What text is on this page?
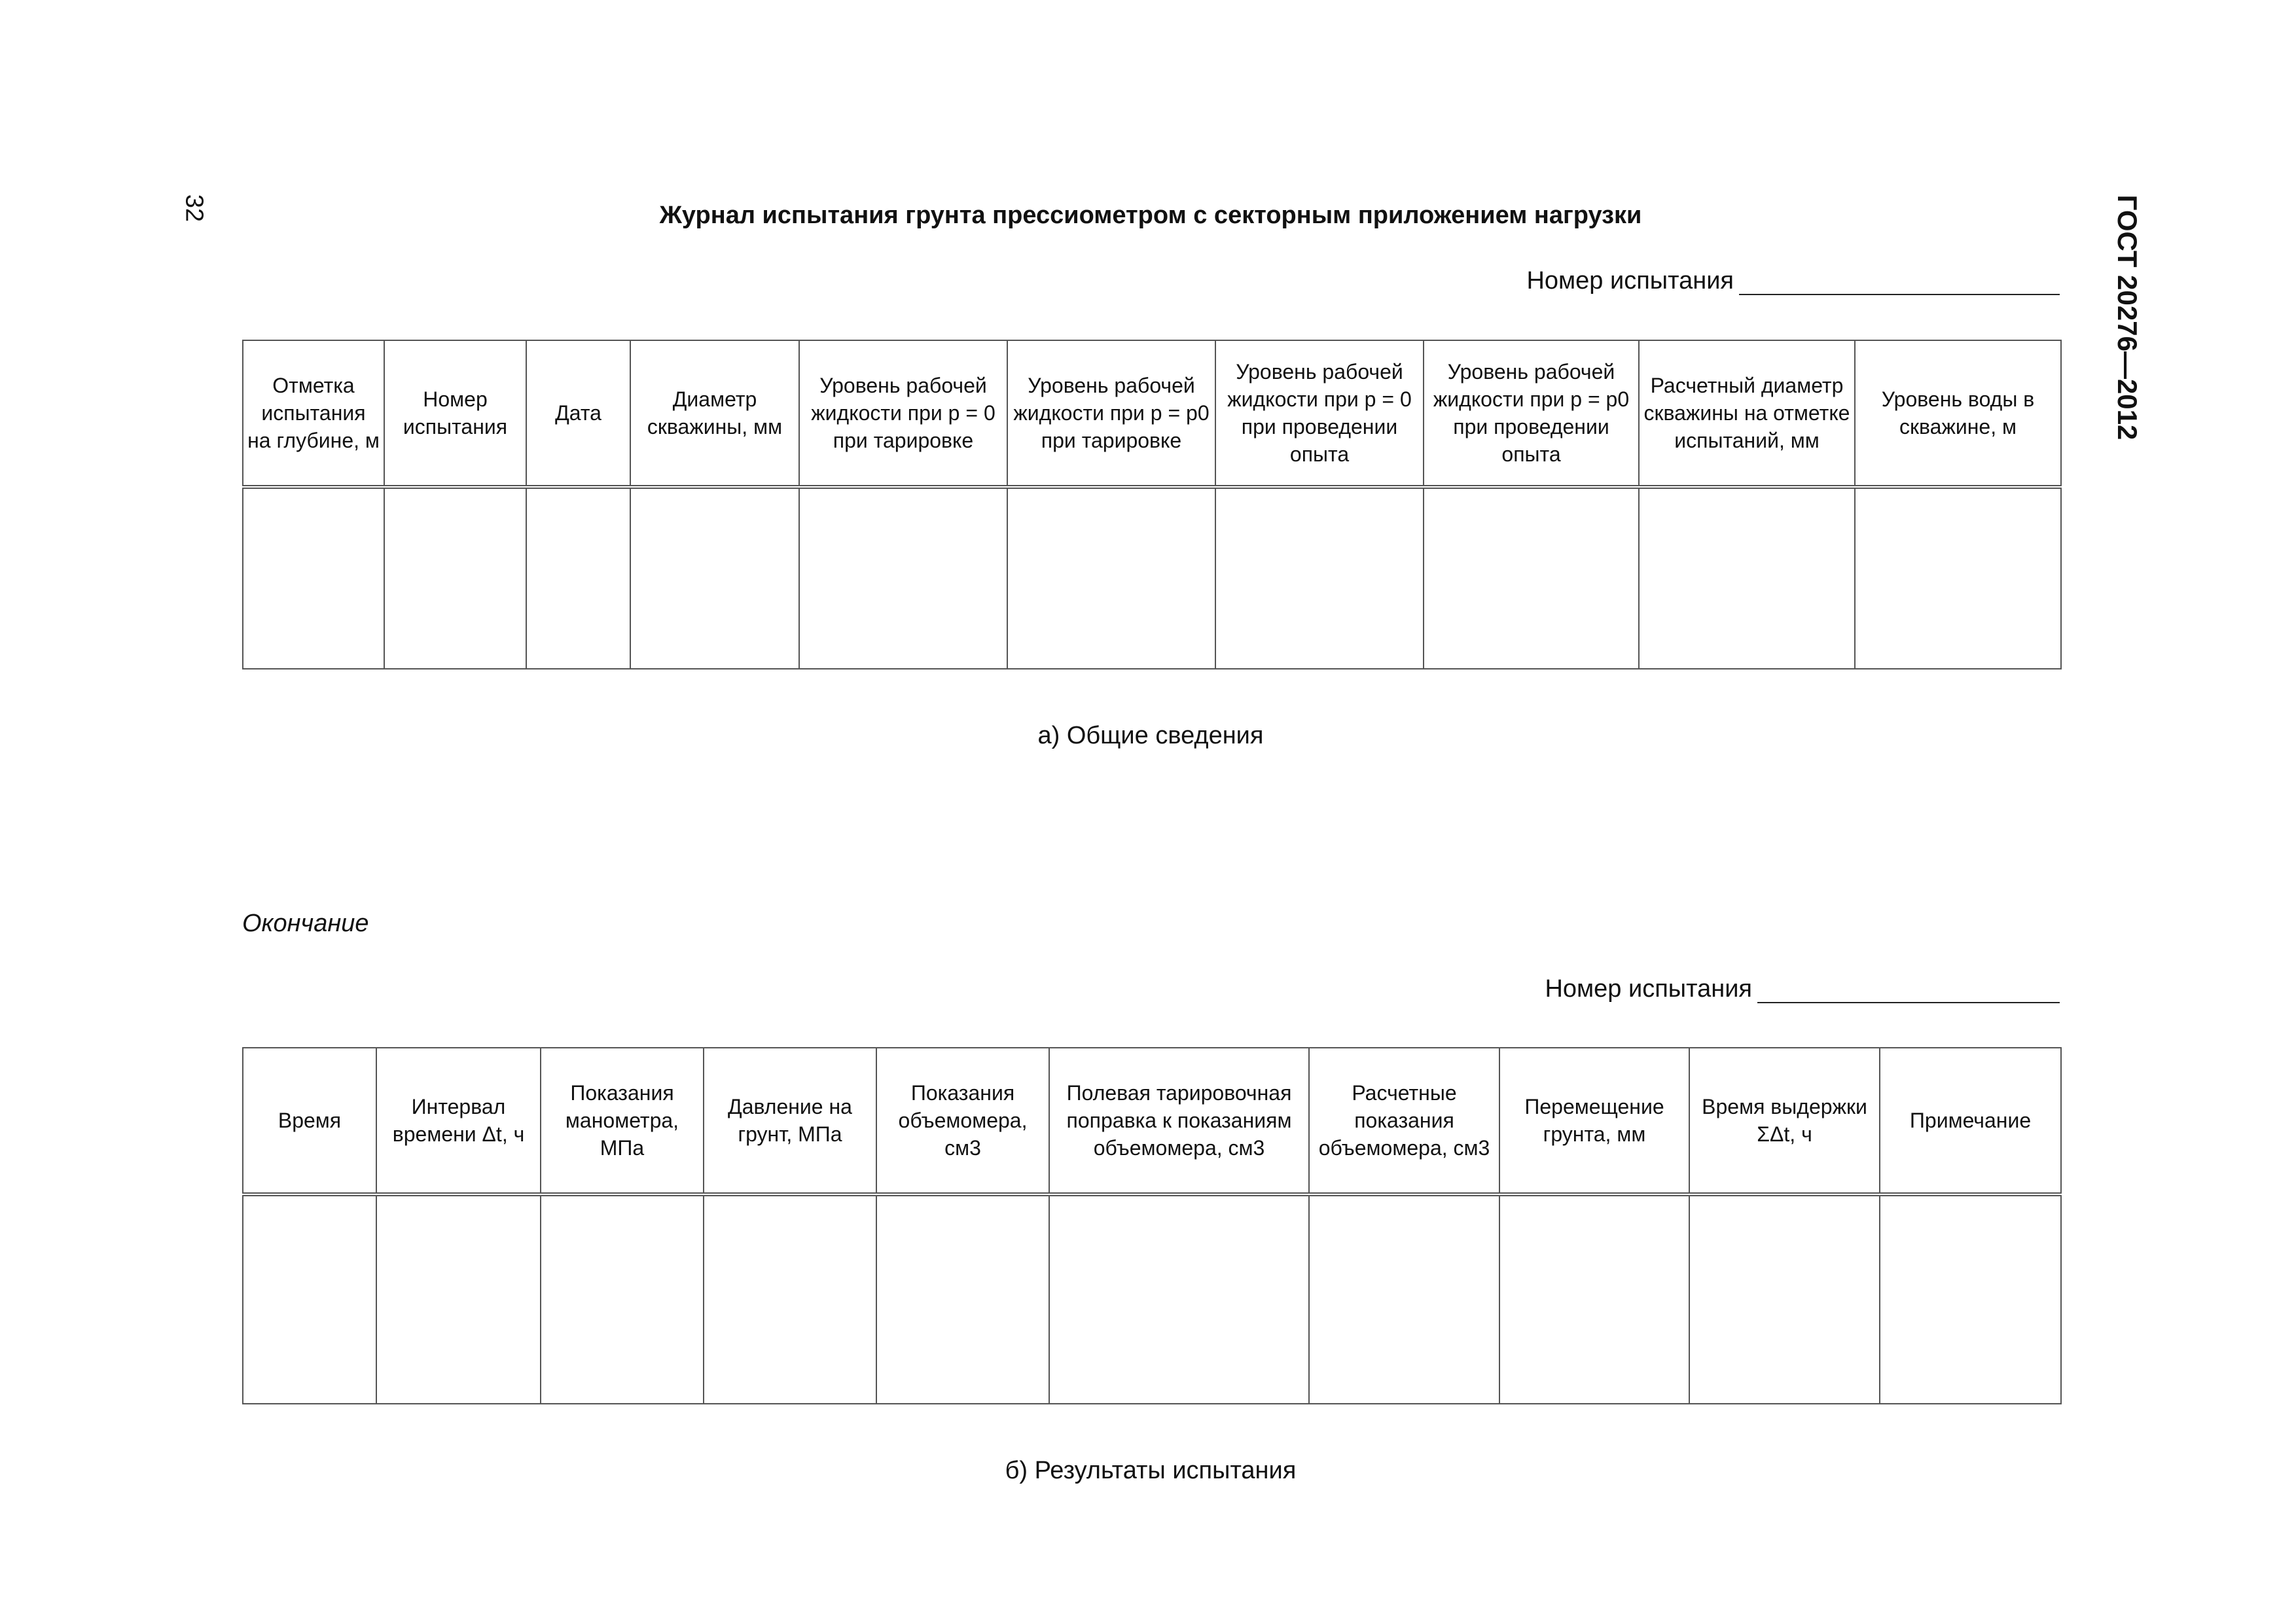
32	ГОСТ 20276—2012
Журнал испытания грунта прессиометром с секторным приложением нагрузки
Номер испытания
Отметка испытания на глубине, м	Номер испытания	Дата	Диаметр скважины, мм	Уровень рабочей жидкости при p = 0 при тарировке	Уровень рабочей жидкости при p = p0 при тарировке	Уровень рабочей жидкости при p = 0 при проведении опыта	Уровень рабочей жидкости при p = p0 при проведении опыта	Расчетный диаметр скважины на отметке испытаний, мм	Уровень воды в скважине, м

а) Общие сведения
Окончание
Номер испытания
Время	Интервал времени Δt, ч	Показания манометра, МПа	Давление на грунт, МПа	Показания объемомера, см3	Полевая тарировочная поправка к показаниям объемомера, см3	Расчетные показания объемомера, см3	Перемещение грунта, мм	Время выдержки ΣΔt, ч	Примечание

б) Результаты испытания
